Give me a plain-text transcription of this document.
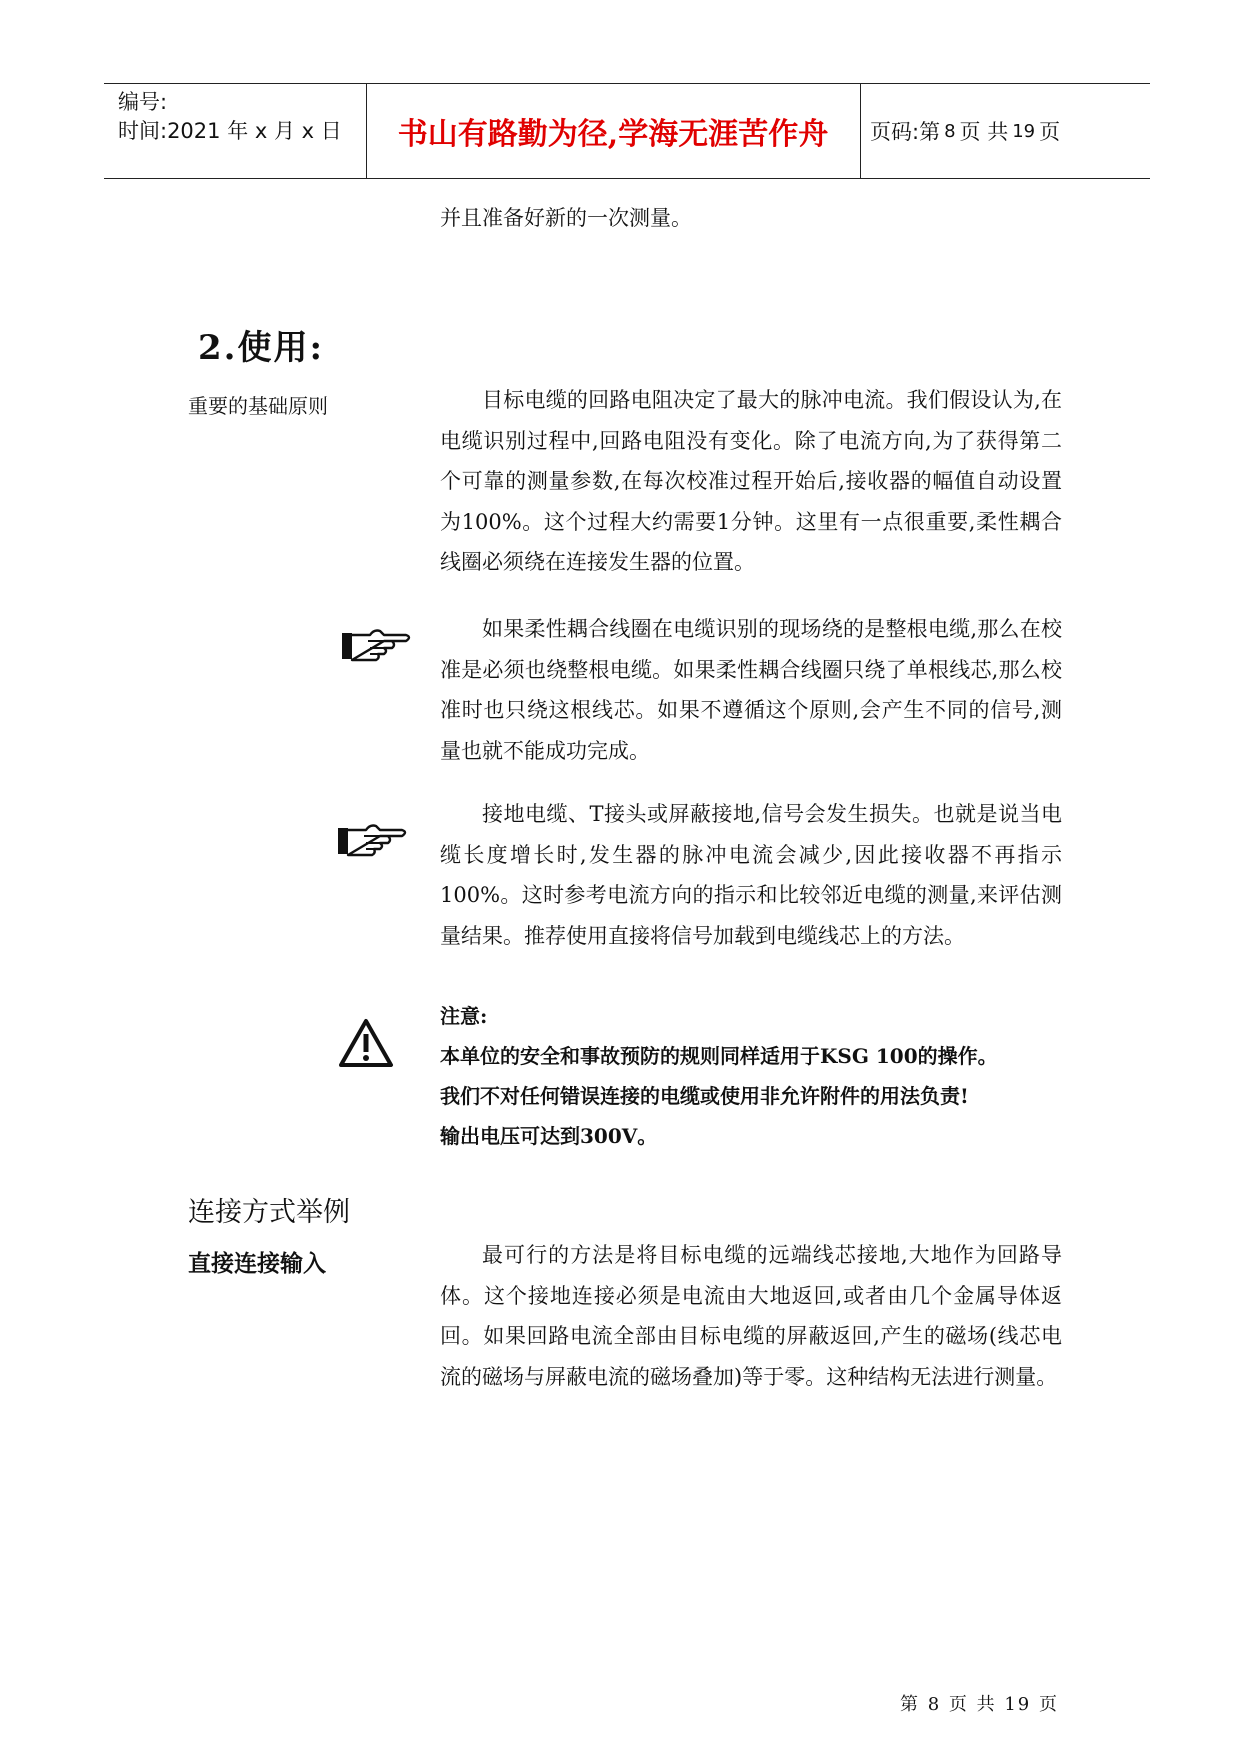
编号:
时间:2021 年 x 月 x 日	书山有路勤为径,学海无涯苦作舟	页码:第 8 页 共 19 页
并且准备好新的一次测量。
2.使用:
重要的基础原则	目标电缆的回路电阻决定了最大的脉冲电流。我们假设认为,在电缆识别过程中,回路电阻没有变化。除了电流方向,为了获得第二个可靠的测量参数,在每次校准过程开始后,接收器的幅值自动设置为100%。这个过程大约需要1分钟。这里有一点很重要,柔性耦合线圈必须绕在连接发生器的位置。
如果柔性耦合线圈在电缆识别的现场绕的是整根电缆,那么在校准是必须也绕整根电缆。如果柔性耦合线圈只绕了单根线芯,那么校准时也只绕这根线芯。如果不遵循这个原则,会产生不同的信号,测量也就不能成功完成。
接地电缆、T接头或屏蔽接地,信号会发生损失。也就是说当电缆长度增长时,发生器的脉冲电流会减少,因此接收器不再指示100%。这时参考电流方向的指示和比较邻近电缆的测量,来评估测量结果。推荐使用直接将信号加载到电缆线芯上的方法。
注意:
本单位的安全和事故预防的规则同样适用于KSG 100的操作。
我们不对任何错误连接的电缆或使用非允许附件的用法负责!
输出电压可达到300V。
连接方式举例
直接连接输入	最可行的方法是将目标电缆的远端线芯接地,大地作为回路导体。这个接地连接必须是电流由大地返回,或者由几个金属导体返回。如果回路电流全部由目标电缆的屏蔽返回,产生的磁场(线芯电流的磁场与屏蔽电流的磁场叠加)等于零。这种结构无法进行测量。
第 8 页 共 19 页
